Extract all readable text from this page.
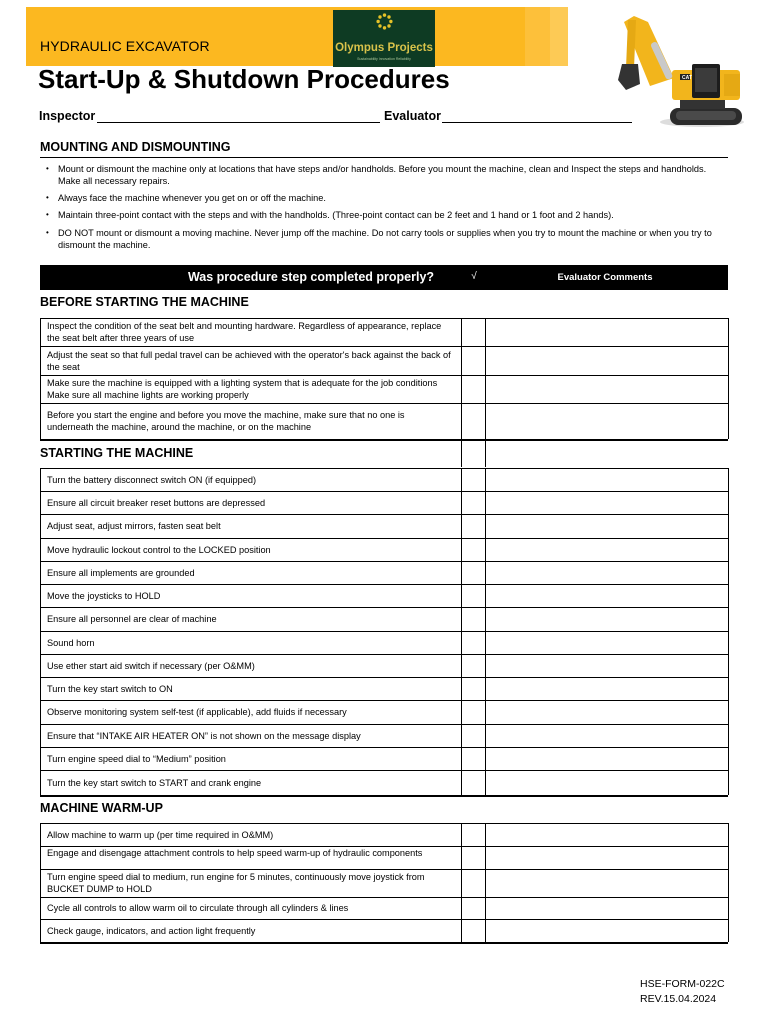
HYDRAULIC EXCAVATOR	Olympus Projects
Sustainability Innovation Reliability
CAT
Start-Up & Shutdown Procedures
Inspector	Evaluator
MOUNTING AND DISMOUNTING
• Mount or dismount the machine only at locations that have steps and/or handholds. Before you mount the machine, clean and Inspect the steps and handholds. Make all necessary repairs.
• Always face the machine whenever you get on or off the machine.
• Maintain three-point contact with the steps and with the handholds. (Three-point contact can be 2 feet and 1 hand or 1 foot and 2 hands).
• DO NOT mount or dismount a moving machine. Never jump off the machine. Do not carry tools or supplies when you try to mount the machine or when you try to dismount the machine.
Was procedure step completed properly?	√	Evaluator Comments
BEFORE STARTING THE MACHINE
Inspect the condition of the seat belt and mounting hardware. Regardless of appearance, replace the seat belt after three years of use
Adjust the seat so that full pedal travel can be achieved with the operator's back against the back of the seat
Make sure the machine is equipped with a lighting system that is adequate for the job conditions Make sure all machine lights are working properly
Before you start the engine and before you move the machine, make sure that no one is underneath the machine, around the machine, or on the machine
STARTING THE MACHINE
Turn the battery disconnect switch ON (if equipped)
Ensure all circuit breaker reset buttons are depressed
Adjust seat, adjust mirrors, fasten seat belt
Move hydraulic lockout control to the LOCKED position
Ensure all implements are grounded
Move the joysticks to HOLD
Ensure all personnel are clear of machine
Sound horn
Use ether start aid switch if necessary (per O&MM)
Turn the key start switch to ON
Observe monitoring system self-test (if applicable), add fluids if necessary
Ensure that “INTAKE AIR HEATER ON” is not shown on the message display
Turn engine speed dial to “Medium” position
Turn the key start switch to START and crank engine
MACHINE WARM-UP
Allow machine to warm up (per time required in O&MM)
Engage and disengage attachment controls to help speed warm-up of hydraulic components
Turn engine speed dial to medium, run engine for 5 minutes, continuously move joystick from BUCKET DUMP to HOLD
Cycle all controls to allow warm oil to circulate through all cylinders & lines
Check gauge, indicators, and action light frequently
HSE-FORM-022C
REV.15.04.2024
